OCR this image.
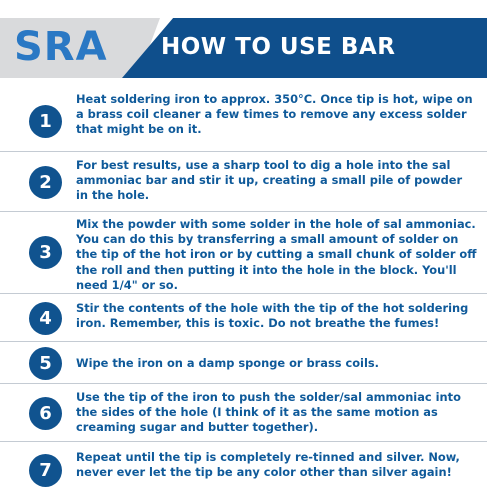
SRA HOW TO USE BAR
1
Heat soldering iron to approx. 350°C. Once tip is hot, wipe on a brass coil cleaner a few times to remove any excess solder that might be on it.
2
For best results, use a sharp tool to dig a hole into the sal ammoniac bar and stir it up, creating a small pile of powder in the hole.
3
Mix the powder with some solder in the hole of sal ammoniac. You can do this by transferring a small amount of solder on the tip of the hot iron or by cutting a small chunk of solder off the roll and then putting it into the hole in the block. You'll need 1/4" or so.
4	Stir the contents of the hole with the tip of the hot soldering iron. Remember, this is toxic. Do not breathe the fumes!
5	Wipe the iron on a damp sponge or brass coils.
6
Use the tip of the iron to push the solder/sal ammoniac into the sides of the hole (I think of it as the same motion as creaming sugar and butter together).
7
Repeat until the tip is completely re-tinned and silver. Now, never ever let the tip be any color other than silver again!
